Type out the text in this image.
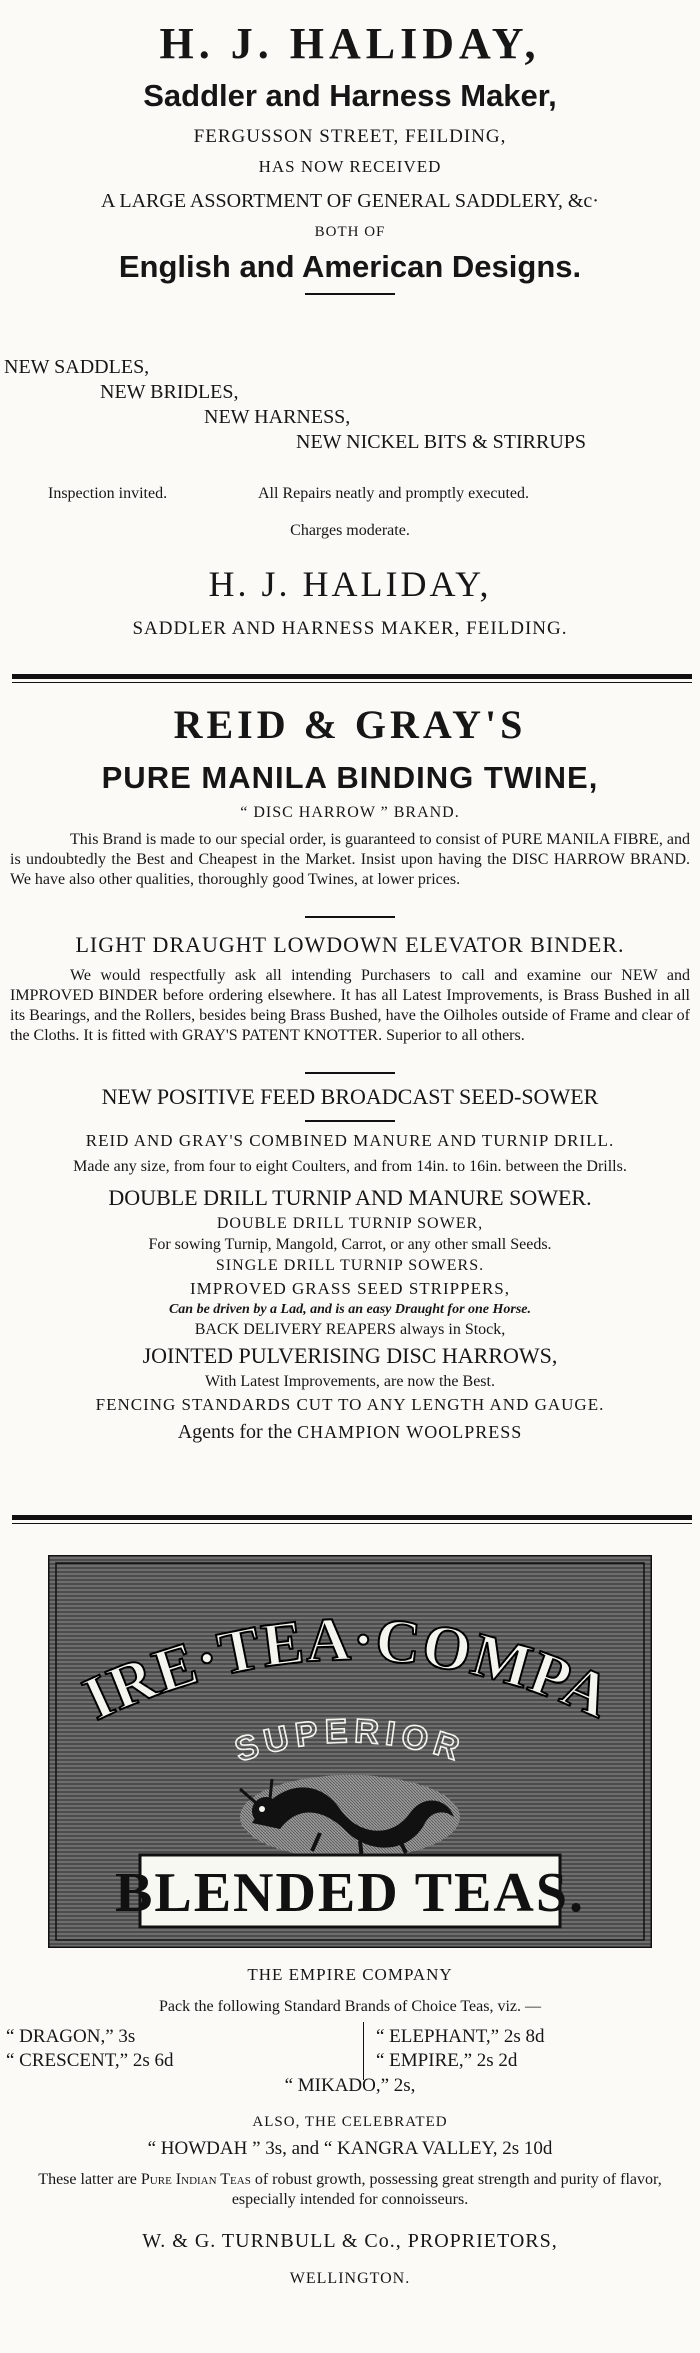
H. J. HALIDAY,
Saddler and Harness Maker,
FERGUSSON STREET, FEILDING,
HAS NOW RECEIVED
A LARGE ASSORTMENT OF GENERAL SADDLERY, &c·
BOTH OF
English and American Designs.
NEW SADDLES,
NEW BRIDLES,
NEW HARNESS,
NEW NICKEL BITS & STIRRUPS
Inspection invited.	All Repairs neatly and promptly executed.
Charges moderate.
H. J. HALIDAY,
SADDLER AND HARNESS MAKER, FEILDING.
REID & GRAY'S
PURE MANILA BINDING TWINE,
“ DISC HARROW ” BRAND.

This Brand is made to our special order, is guaranteed to consist of PURE MANILA FIBRE, and is undoubtedly the Best and Cheapest in the Market. Insist upon having the DISC HARROW BRAND. We have also other qualities, thoroughly good Twines, at lower prices.

LIGHT DRAUGHT LOWDOWN ELEVATOR BINDER.

We would respectfully ask all intending Purchasers to call and examine our NEW and IMPROVED BINDER before ordering elsewhere. It has all Latest Improvements, is Brass Bushed in all its Bearings, and the Rollers, besides being Brass Bushed, have the Oilholes outside of Frame and clear of the Cloths. It is fitted with GRAY'S PATENT KNOTTER. Superior to all others.

NEW POSITIVE FEED BROADCAST SEED-SOWER
REID AND GRAY'S COMBINED MANURE AND TURNIP DRILL.
Made any size, from four to eight Coulters, and from 14in. to 16in. between the Drills.
DOUBLE DRILL TURNIP AND MANURE SOWER.
DOUBLE DRILL TURNIP SOWER,
For sowing Turnip, Mangold, Carrot, or any other small Seeds.
SINGLE DRILL TURNIP SOWERS.
IMPROVED GRASS SEED STRIPPERS,
Can be driven by a Lad, and is an easy Draught for one Horse.
BACK DELIVERY REAPERS always in Stock,
JOINTED PULVERISING DISC HARROWS,
With Latest Improvements, are now the Best.
FENCING STANDARDS CUT TO ANY LENGTH AND GAUGE.
Agents for the CHAMPION WOOLPRESS
IRE·TEA·COMPA
SUPERIOR
BLENDED TEAS.
THE EMPIRE COMPANY
Pack the following Standard Brands of Choice Teas, viz. —
“ DRAGON,” 3s
“ CRESCENT,” 2s 6d
“ ELEPHANT,” 2s 8d
“ EMPIRE,” 2s 2d
“ MIKADO,” 2s,
ALSO, THE CELEBRATED
“ HOWDAH ” 3s, and “ KANGRA VALLEY, 2s 10d

These latter are Pure Indian Teas of robust growth, possessing great strength and purity of flavor, especially intended for connoisseurs.

W. & G. TURNBULL & Co., PROPRIETORS,
WELLINGTON.
